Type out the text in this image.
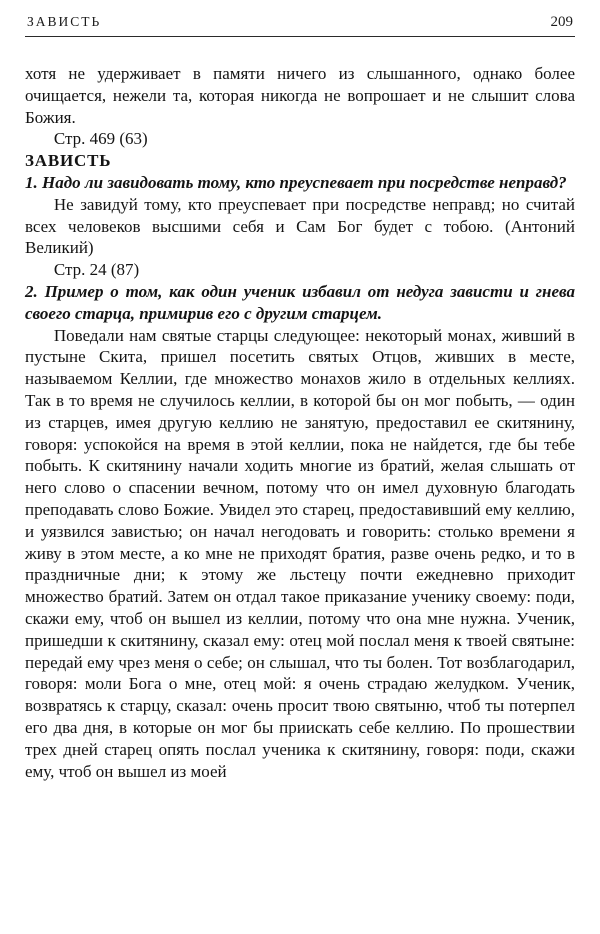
ЗАВИСТЬ	209

хотя не удерживает в памяти ничего из слышанного, однако более очищается, нежели та, которая никогда не вопрошает и не слышит слова Божия.

Стр. 469 (63)

ЗАВИСТЬ
1. Надо ли завидовать тому, кто преуспевает при посредстве неправд?

Не завидуй тому, кто преуспевает при посредстве неправд; но считай всех человеков высшими себя и Сам Бог будет с тобою. (Антоний Великий)

Стр. 24 (87)

2. Пример о том, как один ученик избавил от недуга зависти и гнева своего старца, примирив его с другим старцем.

Поведали нам святые старцы следующее: некоторый монах, живший в пустыне Скита, пришел посетить святых Отцов, живших в месте, называемом Келлии, где множество монахов жило в отдельных келлиях. Так в то время не случилось келлии, в которой бы он мог побыть, — один из старцев, имея другую келлию не занятую, предоставил ее скитянину, говоря: успокойся на время в этой келлии, пока не найдется, где бы тебе побыть. К скитянину начали ходить многие из братий, желая слышать от него слово о спасении вечном, потому что он имел духовную благодать преподавать слово Божие. Увидел это старец, предоставивший ему келлию, и уязвился завистью; он начал негодовать и говорить: столько времени я живу в этом месте, а ко мне не приходят братия, разве очень редко, и то в праздничные дни; к этому же льстецу почти ежедневно приходит множество братий. Затем он отдал такое приказание ученику своему: поди, скажи ему, чтоб он вышел из келлии, потому что она мне нужна. Ученик, пришедши к скитянину, сказал ему: отец мой послал меня к твоей святыне: передай ему чрез меня о себе; он слышал, что ты болен. Тот возблагодарил, говоря: моли Бога о мне, отец мой: я очень страдаю желудком. Ученик, возвратясь к старцу, сказал: очень просит твою святыню, чтоб ты потерпел его два дня, в которые он мог бы приискать себе келлию. По прошествии трех дней старец опять послал ученика к скитянину, говоря: поди, скажи ему, чтоб он вышел из моей
